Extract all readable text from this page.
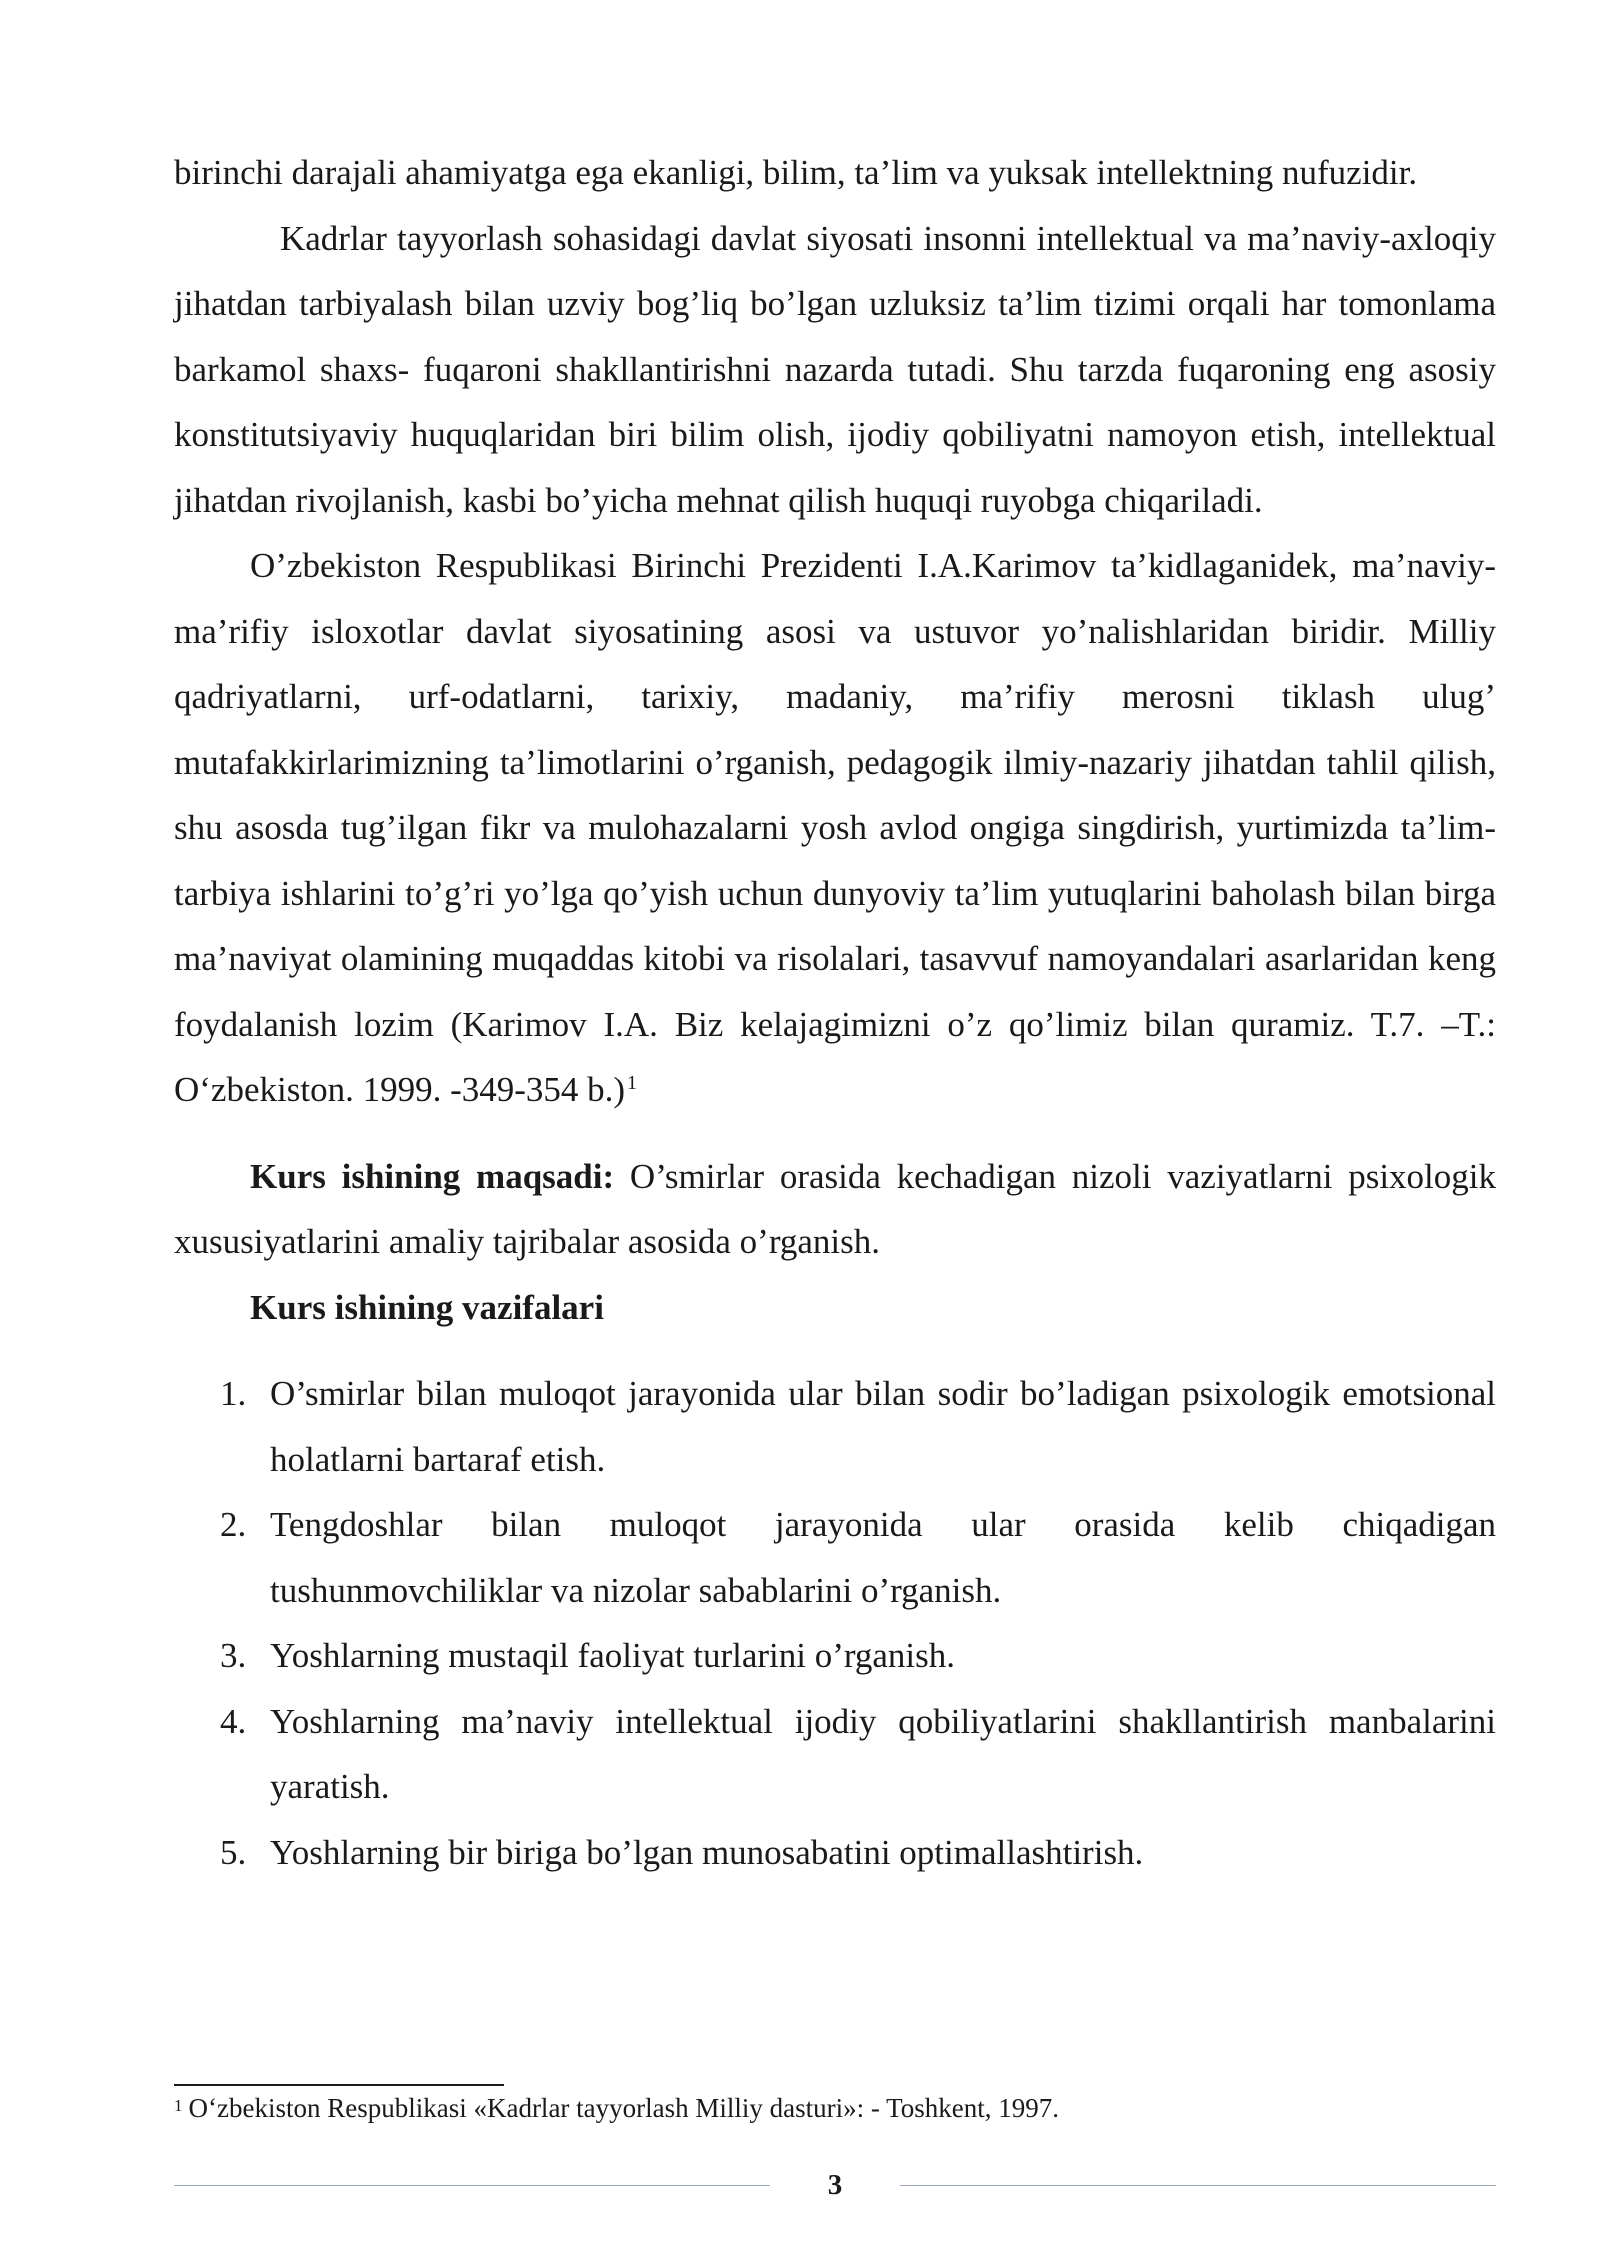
birinchi darajali ahamiyatga ega ekanligi, bilim, ta’lim va yuksak intellektning nufuzidir.

Kadrlar tayyorlash sohasidagi davlat siyosati insonni intellektual va ma’naviy-axloqiy jihatdan tarbiyalash bilan uzviy bog’liq bo’lgan uzluksiz ta’lim tizimi orqali har tomonlama barkamol shaxs- fuqaroni shakllantirishni nazarda tutadi. Shu tarzda fuqaroning eng asosiy konstitutsiyaviy huquqlaridan biri bilim olish, ijodiy qobiliyatni namoyon etish, intellektual jihatdan rivojlanish, kasbi bo’yicha mehnat qilish huquqi ruyobga chiqariladi.

O’zbekiston Respublikasi Birinchi Prezidenti I.A.Karimov ta’kidlaganidek, ma’naviy-ma’rifiy isloxotlar davlat siyosatining asosi va ustuvor yo’nalishlaridan biridir. Milliy qadriyatlarni, urf-odatlarni, tarixiy, madaniy, ma’rifiy merosni tiklash ulug’ mutafakkirlarimizning ta’limotlarini o’rganish, pedagogik ilmiy-nazariy jihatdan tahlil qilish, shu asosda tug’ilgan fikr va mulohazalarni yosh avlod ongiga singdirish, yurtimizda ta’lim-tarbiya ishlarini to’g’ri yo’lga qo’yish uchun dunyoviy ta’lim yutuqlarini baholash bilan birga ma’naviyat olamining muqaddas kitobi va risolalari, tasavvuf namoyandalari asarlaridan keng foydalanish lozim (Karimov I.A. Biz kelajagimizni o’z qo’limiz bilan quramiz. T.7. –T.: O‘zbekiston. 1999. -349-354 b.) $^1$

Kurs ishining maqsadi: O’smirlar orasida kechadigan nizoli vaziyatlarni psixologik xususiyatlarini amaliy tajribalar asosida o’rganish.

Kurs ishining vazifalari

1. O’smirlar bilan muloqot jarayonida ular bilan sodir bo’ladigan psixologik emotsional holatlarni bartaraf etish.
2. Tengdoshlar bilan muloqot jarayonida ular orasida kelib chiqadigan tushunmovchiliklar va nizolar sabablarini o’rganish.
3. Yoshlarning mustaqil faoliyat turlarini o’rganish.
4. Yoshlarning ma’naviy intellektual ijodiy qobiliyatlarini shakllantirish manbalarini yaratish.
5. Yoshlarning bir biriga bo’lgan munosabatini optimallashtirish.
$^1$ O‘zbekiston Respublikasi «Kadrlar tayyorlash Milliy dasturi»: - Toshkent, 1997.
3
